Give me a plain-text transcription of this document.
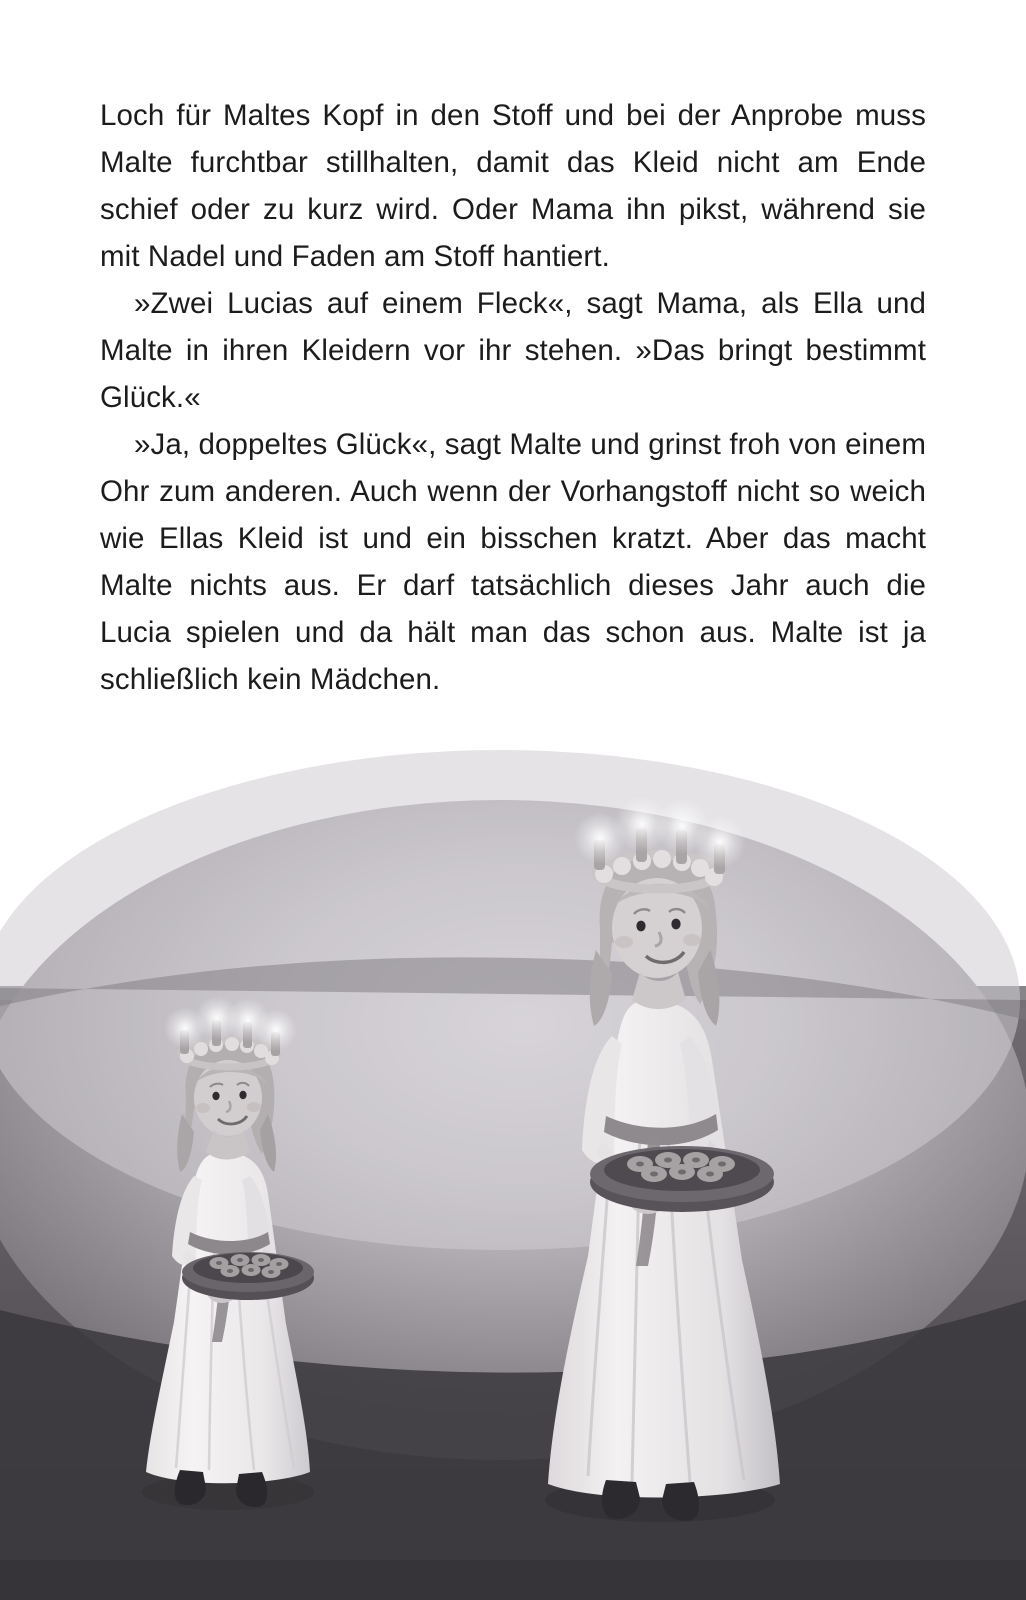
Loch für Maltes Kopf in den Stoff und bei der Anprobe muss Malte furchtbar stillhalten, damit das Kleid nicht am Ende schief oder zu kurz wird. Oder Mama ihn pikst, während sie mit Nadel und Faden am Stoff hantiert.

»Zwei Lucias auf einem Fleck«, sagt Mama, als Ella und Malte in ihren Kleidern vor ihr stehen. »Das bringt bestimmt Glück.«

»Ja, doppeltes Glück«, sagt Malte und grinst froh von einem Ohr zum anderen. Auch wenn der Vorhangstoff nicht so weich wie Ellas Kleid ist und ein bisschen kratzt. Aber das macht Malte nichts aus. Er darf tatsächlich dieses Jahr auch die Lucia spielen und da hält man das schon aus. Malte ist ja schließlich kein Mädchen.
